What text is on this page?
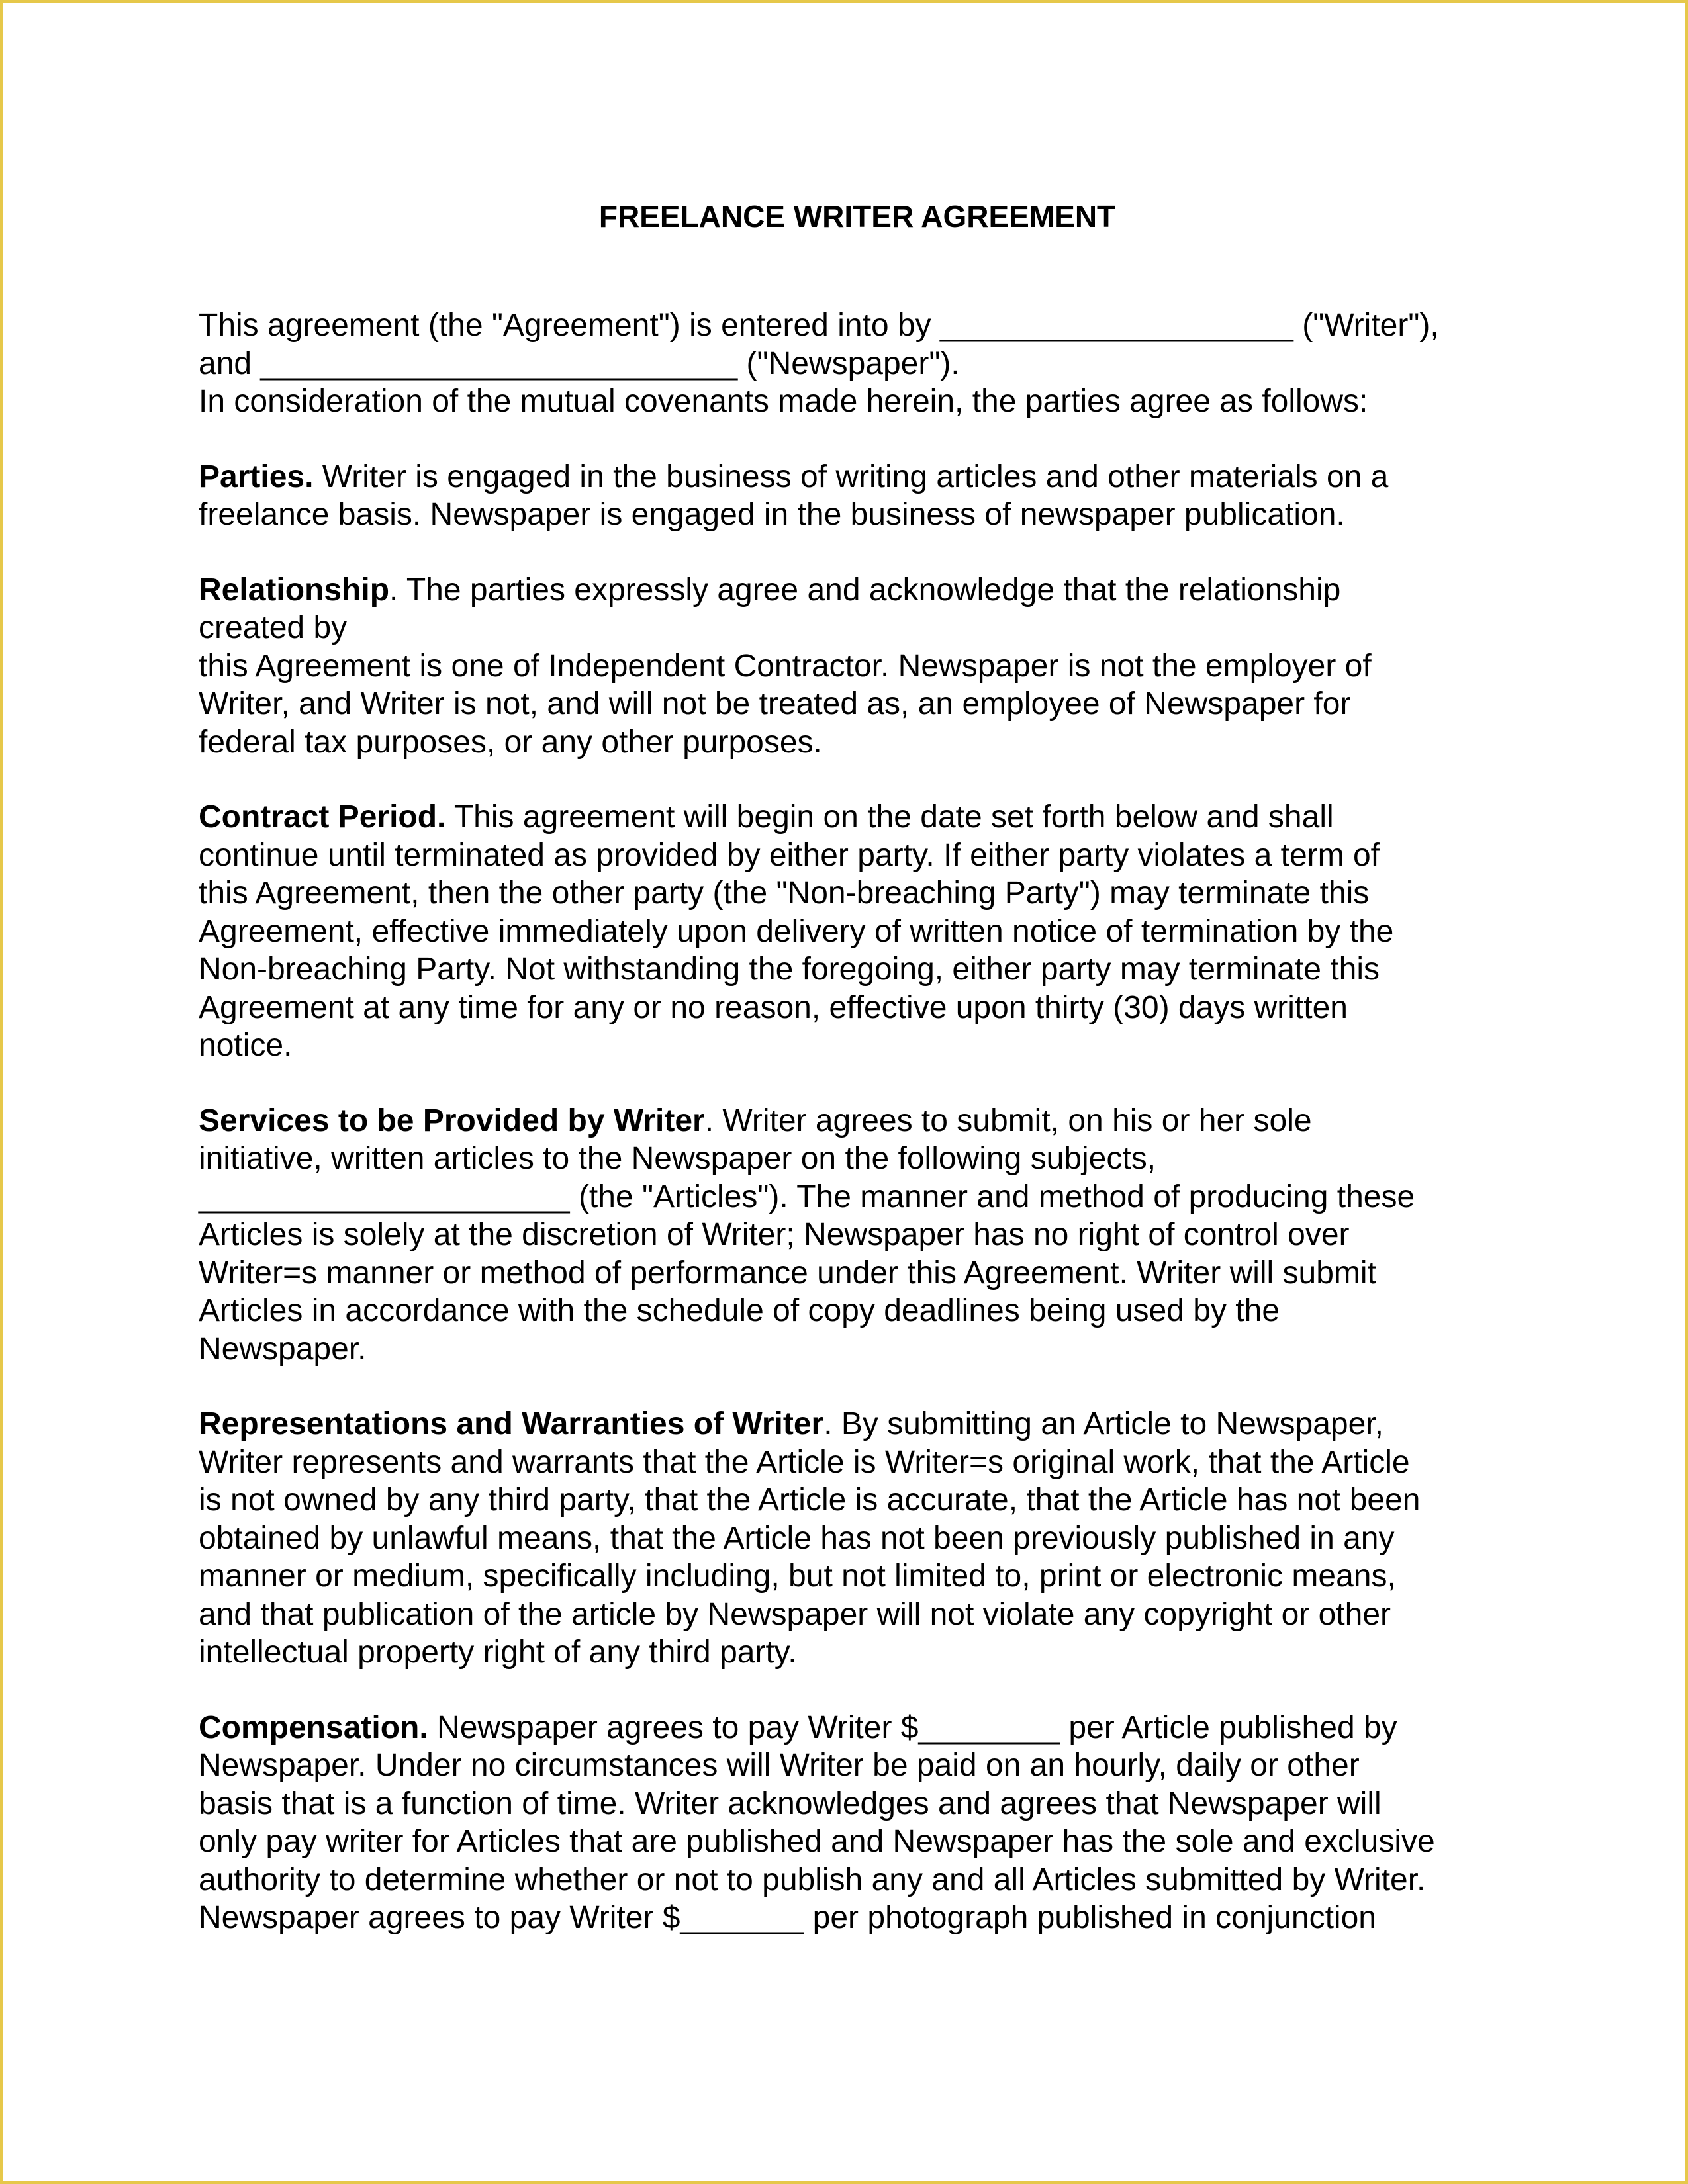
FREELANCE WRITER AGREEMENT
This agreement (the "Agreement") is entered into by ____________________ ("Writer"),
and ___________________________ ("Newspaper").
In consideration of the mutual covenants made herein, the parties agree as follows:
Parties. Writer is engaged in the business of writing articles and other materials on a
freelance basis. Newspaper is engaged in the business of newspaper publication.
Relationship. The parties expressly agree and acknowledge that the relationship
created by
this Agreement is one of Independent Contractor. Newspaper is not the employer of
Writer, and Writer is not, and will not be treated as, an employee of Newspaper for
federal tax purposes, or any other purposes.
Contract Period. This agreement will begin on the date set forth below and shall
continue until terminated as provided by either party. If either party violates a term of
this Agreement, then the other party (the "Non-breaching Party") may terminate this
Agreement, effective immediately upon delivery of written notice of termination by the
Non-breaching Party. Not withstanding the foregoing, either party may terminate this
Agreement at any time for any or no reason, effective upon thirty (30) days written
notice.
Services to be Provided by Writer. Writer agrees to submit, on his or her sole
initiative, written articles to the Newspaper on the following subjects,
_____________________ (the "Articles"). The manner and method of producing these
Articles is solely at the discretion of Writer; Newspaper has no right of control over
Writer=s manner or method of performance under this Agreement. Writer will submit
Articles in accordance with the schedule of copy deadlines being used by the
Newspaper.
Representations and Warranties of Writer. By submitting an Article to Newspaper,
Writer represents and warrants that the Article is Writer=s original work, that the Article
is not owned by any third party, that the Article is accurate, that the Article has not been
obtained by unlawful means, that the Article has not been previously published in any
manner or medium, specifically including, but not limited to, print or electronic means,
and that publication of the article by Newspaper will not violate any copyright or other
intellectual property right of any third party.
Compensation. Newspaper agrees to pay Writer $________ per Article published by
Newspaper. Under no circumstances will Writer be paid on an hourly, daily or other
basis that is a function of time. Writer acknowledges and agrees that Newspaper will
only pay writer for Articles that are published and Newspaper has the sole and exclusive
authority to determine whether or not to publish any and all Articles submitted by Writer.
Newspaper agrees to pay Writer $_______ per photograph published in conjunction
